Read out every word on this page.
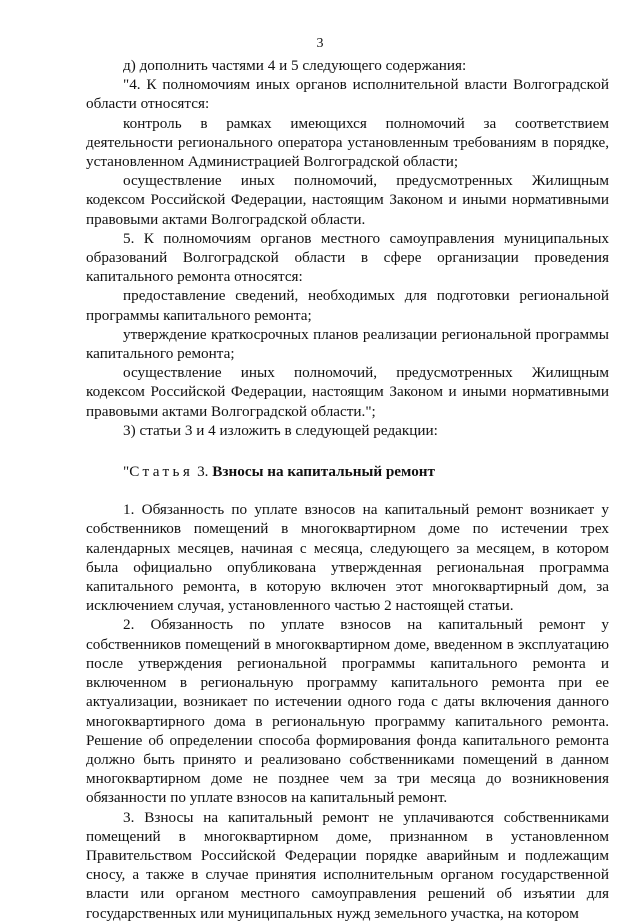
3

д) дополнить частями 4 и 5 следующего содержания:

"4. К полномочиям иных органов исполнительной власти Волгоградской области относятся:

контроль в рамках имеющихся полномочий за соответствием деятельности регионального оператора установленным требованиям в порядке, установленном Администрацией Волгоградской области;

осуществление иных полномочий, предусмотренных Жилищным кодексом Российской Федерации, настоящим Законом и иными нормативными правовыми актами Волгоградской области.

5. К полномочиям органов местного самоуправления муниципальных образований Волгоградской области в сфере организации проведения капитального ремонта относятся:

предоставление сведений, необходимых для подготовки региональной программы капитального ремонта;

утверждение краткосрочных планов реализации региональной программы капитального ремонта;

осуществление иных полномочий, предусмотренных Жилищным кодексом Российской Федерации, настоящим Законом и иными нормативными правовыми актами Волгоградской области.";

3) статьи 3 и 4 изложить в следующей редакции:

"Статья 3. Взносы на капитальный ремонт

1. Обязанность по уплате взносов на капитальный ремонт возникает у собственников помещений в многоквартирном доме по истечении трех календарных месяцев, начиная с месяца, следующего за месяцем, в котором была официально опубликована утвержденная региональная программа капитального ремонта, в которую включен этот многоквартирный дом, за исключением случая, установленного частью 2 настоящей статьи.

2. Обязанность по уплате взносов на капитальный ремонт у собственников помещений в многоквартирном доме, введенном в эксплуатацию после утверждения региональной программы капитального ремонта и включенном в региональную программу капитального ремонта при ее актуализации, возникает по истечении одного года с даты включения данного многоквартирного дома в региональную программу капитального ремонта. Решение об определении способа формирования фонда капитального ремонта должно быть принято и реализовано собственниками помещений в данном многоквартирном доме не позднее чем за три месяца до возникновения обязанности по уплате взносов на капитальный ремонт.

3. Взносы на капитальный ремонт не уплачиваются собственниками помещений в многоквартирном доме, признанном в установленном Правительством Российской Федерации порядке аварийным и подлежащим сносу, а также в случае принятия исполнительным органом государственной власти или органом местного самоуправления решений об изъятии для государственных или муниципальных нужд земельного участка, на котором
